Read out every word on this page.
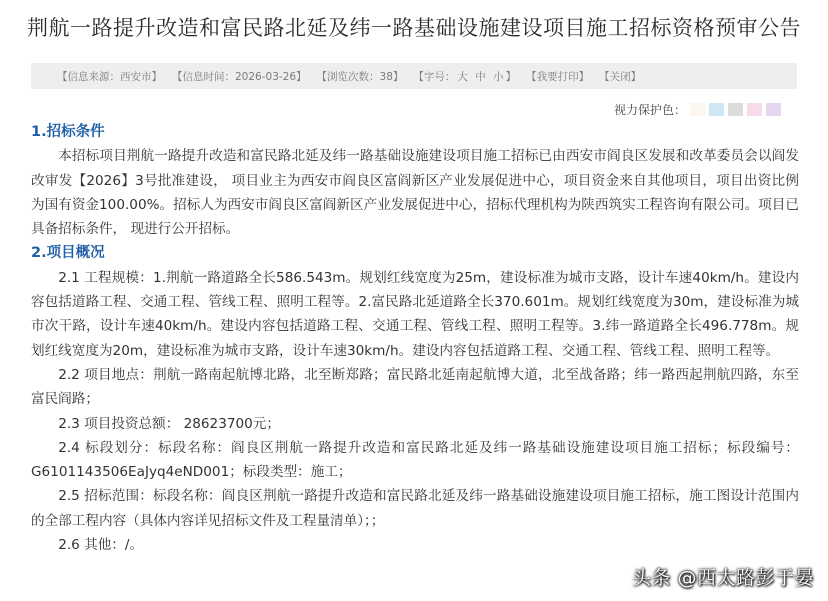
荆航一路提升改造和富民路北延及纬一路基础设施建设项目施工招标资格预审公告
【信息来源：西安市】 【信息时间：2026-03-26】 【浏览次数：38】 【字号： 大 中 小 】 【我要打印】 【关闭】
视力保护色：
1.招标条件

本招标项目荆航一路提升改造和富民路北延及纬一路基础设施建设项目施工招标已由西安市阎良区发展和改革委员会以阎发改审发【2026】3号批准建设， 项目业主为西安市阎良区富阎新区产业发展促进中心，项目资金来自其他项目，项目出资比例为国有资金100.00%。招标人为西安市阎良区富阎新区产业发展促进中心，招标代理机构为陕西筑实工程咨询有限公司。项目已具备招标条件， 现进行公开招标。

2.项目概况

2.1 工程规模：1.荆航一路道路全长586.543m。规划红线宽度为25m，建设标准为城市支路，设计车速40km/h。建设内容包括道路工程、交通工程、管线工程、照明工程等。2.富民路北延道路全长370.601m。规划红线宽度为30m，建设标准为城市次干路，设计车速40km/h。建设内容包括道路工程、交通工程、管线工程、照明工程等。3.纬一路道路全长496.778m。规划红线宽度为20m，建设标准为城市支路，设计车速30km/h。建设内容包括道路工程、交通工程、管线工程、照明工程等。

2.2 项目地点：荆航一路南起航博北路，北至断郑路；富民路北延南起航博大道，北至战备路；纬一路西起荆航四路，东至富民阎路；

2.3 项目投资总额： 28623700元；

2.4 标段划分：标段名称：阎良区荆航一路提升改造和富民路北延及纬一路基础设施建设项目施工招标；标段编号：G6101143506EaJyq4eND001；标段类型：施工；

2.5 招标范围：标段名称：阎良区荆航一路提升改造和富民路北延及纬一路基础设施建设项目施工招标，施工图设计范围内的全部工程内容（具体内容详见招标文件及工程量清单）；；

2.6 其他：/。

头条 @西太路彭于晏
